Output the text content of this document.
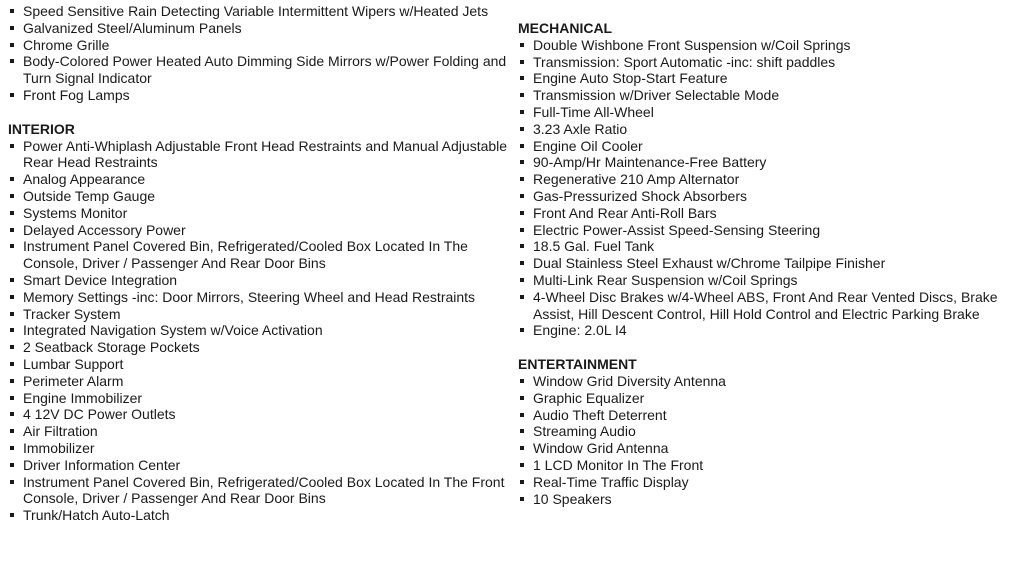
Speed Sensitive Rain Detecting Variable Intermittent Wipers w/Heated Jets
Galvanized Steel/Aluminum Panels
Chrome Grille
Body-Colored Power Heated Auto Dimming Side Mirrors w/Power Folding and Turn Signal Indicator
Front Fog Lamps
INTERIOR
Power Anti-Whiplash Adjustable Front Head Restraints and Manual Adjustable Rear Head Restraints
Analog Appearance
Outside Temp Gauge
Systems Monitor
Delayed Accessory Power
Instrument Panel Covered Bin, Refrigerated/Cooled Box Located In The Console, Driver / Passenger And Rear Door Bins
Smart Device Integration
Memory Settings -inc: Door Mirrors, Steering Wheel and Head Restraints
Tracker System
Integrated Navigation System w/Voice Activation
2 Seatback Storage Pockets
Lumbar Support
Perimeter Alarm
Engine Immobilizer
4 12V DC Power Outlets
Air Filtration
Immobilizer
Driver Information Center
Instrument Panel Covered Bin, Refrigerated/Cooled Box Located In The Front Console, Driver / Passenger And Rear Door Bins
Trunk/Hatch Auto-Latch
MECHANICAL
Double Wishbone Front Suspension w/Coil Springs
Transmission: Sport Automatic -inc: shift paddles
Engine Auto Stop-Start Feature
Transmission w/Driver Selectable Mode
Full-Time All-Wheel
3.23 Axle Ratio
Engine Oil Cooler
90-Amp/Hr Maintenance-Free Battery
Regenerative 210 Amp Alternator
Gas-Pressurized Shock Absorbers
Front And Rear Anti-Roll Bars
Electric Power-Assist Speed-Sensing Steering
18.5 Gal. Fuel Tank
Dual Stainless Steel Exhaust w/Chrome Tailpipe Finisher
Multi-Link Rear Suspension w/Coil Springs
4-Wheel Disc Brakes w/4-Wheel ABS, Front And Rear Vented Discs, Brake Assist, Hill Descent Control, Hill Hold Control and Electric Parking Brake
Engine: 2.0L I4
ENTERTAINMENT
Window Grid Diversity Antenna
Graphic Equalizer
Audio Theft Deterrent
Streaming Audio
Window Grid Antenna
1 LCD Monitor In The Front
Real-Time Traffic Display
10 Speakers
